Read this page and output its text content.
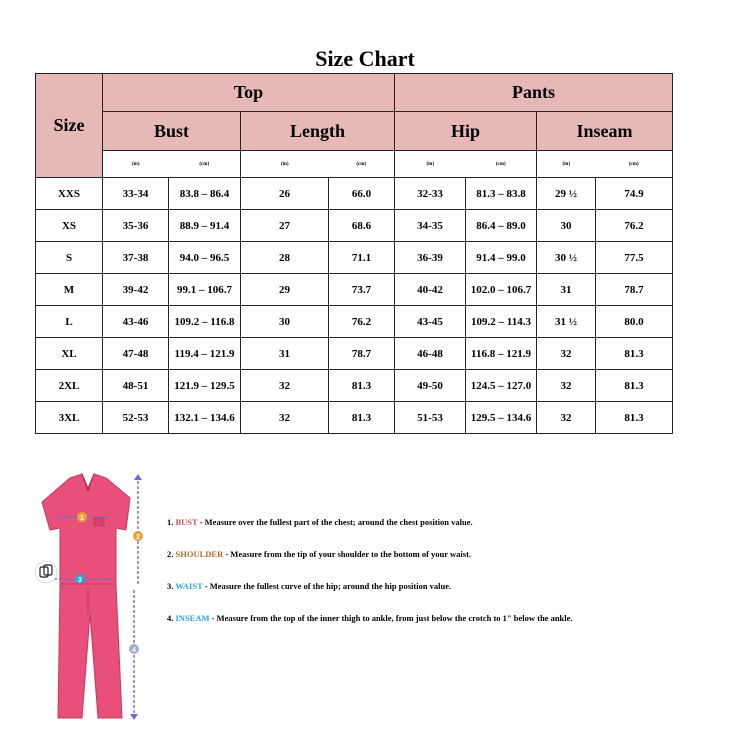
Size Chart
Size	Top				Pants			
	Bust		Length		Hip		Inseam	
	(in)	(cm)	(in)	(cm)	(in)	(cm)	(in)	(cm)
XXS	33-34	83.8 – 86.4	26	66.0	32-33	81.3 – 83.8	29 ½	74.9
XS	35-36	88.9 – 91.4	27	68.6	34-35	86.4 – 89.0	30	76.2
S	37-38	94.0 – 96.5	28	71.1	36-39	91.4 – 99.0	30 ½	77.5
M	39-42	99.1 – 106.7	29	73.7	40-42	102.0 – 106.7	31	78.7
L	43-46	109.2 – 116.8	30	76.2	43-45	109.2 – 114.3	31 ½	80.0
XL	47-48	119.4 – 121.9	31	78.7	46-48	116.8 – 121.9	32	81.3
2XL	48-51	121.9 – 129.5	32	81.3	49-50	124.5 – 127.0	32	81.3
3XL	52-53	132.1 – 134.6	32	81.3	51-53	129.5 – 134.6	32	81.3
1
3
2
4
1. BUST - Measure over the fullest part of the chest; around the chest position value.
2. SHOULDER - Measure from the tip of your shoulder to the bottom of your waist.
3. WAIST - Measure the fullest curve of the hip; around the hip position value.
4. INSEAM - Measure from the top of the inner thigh to ankle, from just below the crotch to 1" below the ankle.
